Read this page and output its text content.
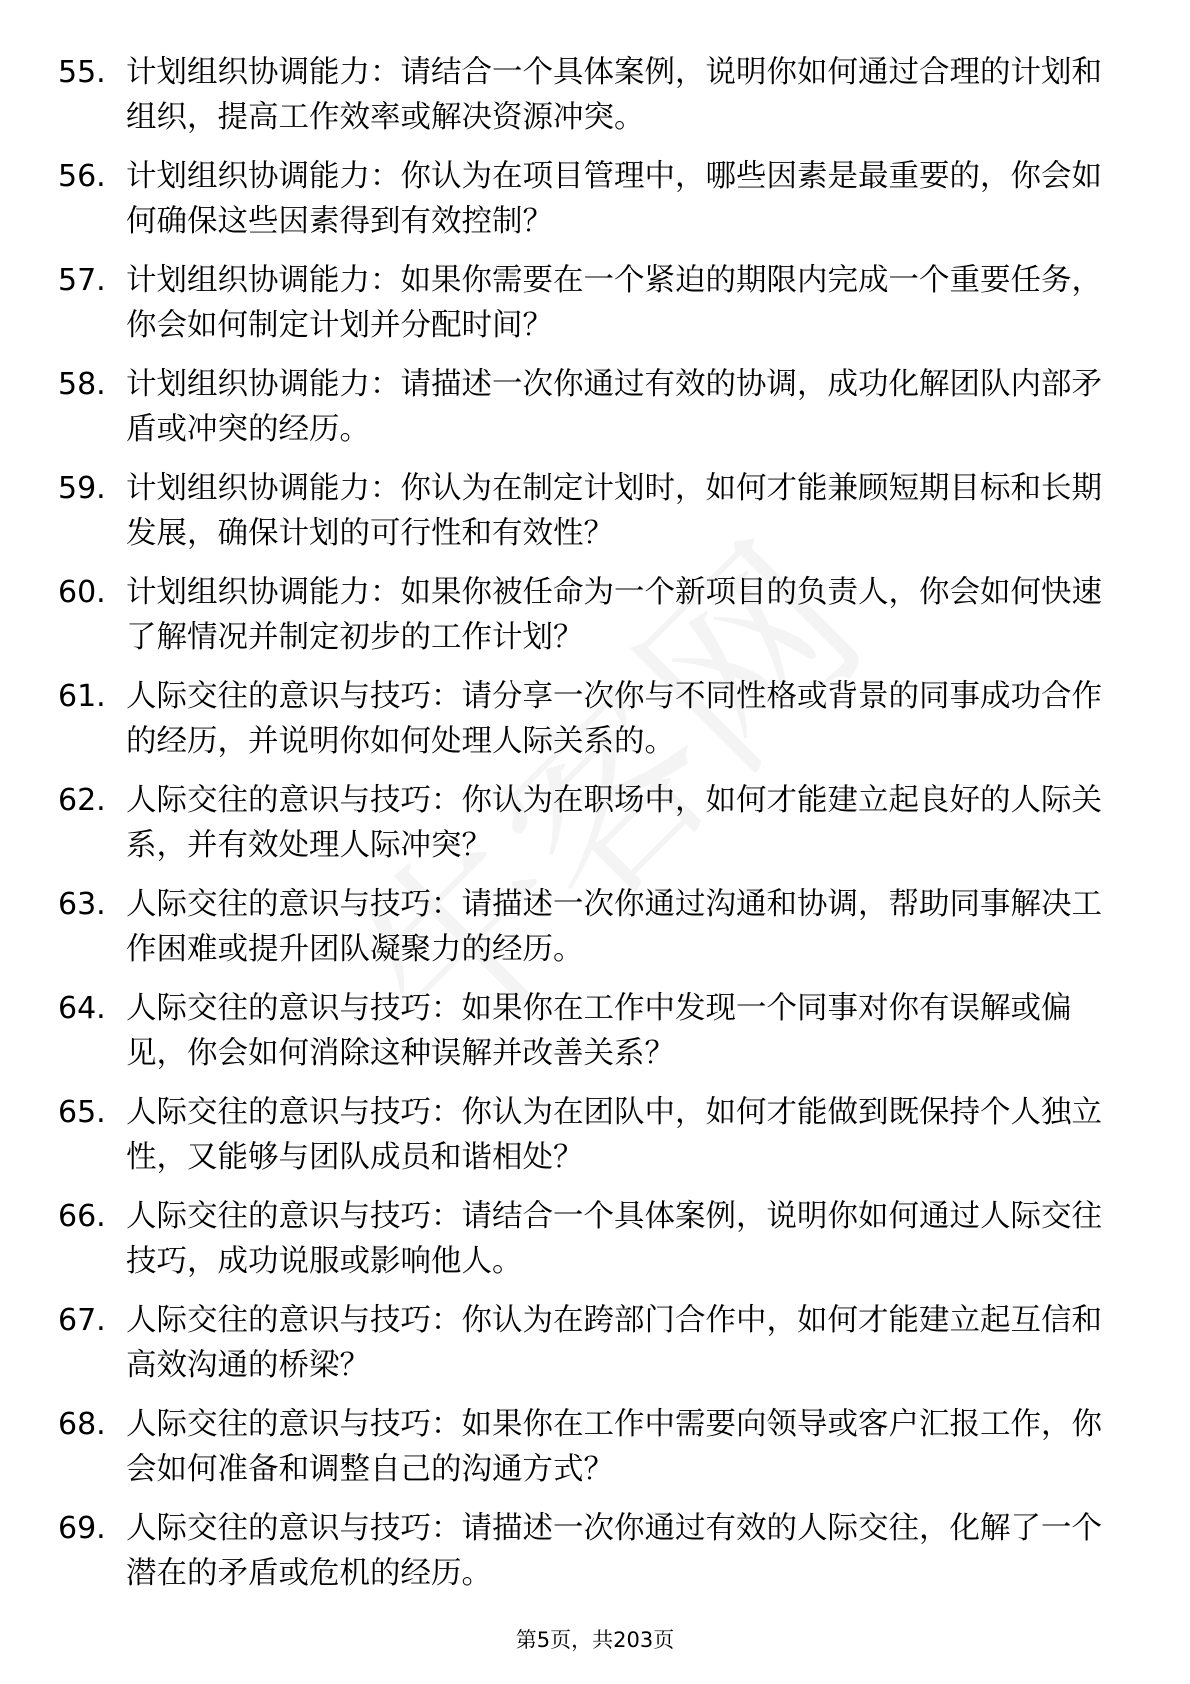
55. 计划组织协调能力：请结合一个具体案例，说明你如何通过合理的计划和组织，提高工作效率或解决资源冲突。
56. 计划组织协调能力：你认为在项目管理中，哪些因素是最重要的，你会如何确保这些因素得到有效控制？
57. 计划组织协调能力：如果你需要在一个紧迫的期限内完成一个重要任务，你会如何制定计划并分配时间？
58. 计划组织协调能力：请描述一次你通过有效的协调，成功化解团队内部矛盾或冲突的经历。
59. 计划组织协调能力：你认为在制定计划时，如何才能兼顾短期目标和长期发展，确保计划的可行性和有效性？
60. 计划组织协调能力：如果你被任命为一个新项目的负责人，你会如何快速了解情况并制定初步的工作计划？
61. 人际交往的意识与技巧：请分享一次你与不同性格或背景的同事成功合作的经历，并说明你如何处理人际关系的。
62. 人际交往的意识与技巧：你认为在职场中，如何才能建立起良好的人际关系，并有效处理人际冲突？
63. 人际交往的意识与技巧：请描述一次你通过沟通和协调，帮助同事解决工作困难或提升团队凝聚力的经历。
64. 人际交往的意识与技巧：如果你在工作中发现一个同事对你有误解或偏见，你会如何消除这种误解并改善关系？
65. 人际交往的意识与技巧：你认为在团队中，如何才能做到既保持个人独立性，又能够与团队成员和谐相处？
66. 人际交往的意识与技巧：请结合一个具体案例，说明你如何通过人际交往技巧，成功说服或影响他人。
67. 人际交往的意识与技巧：你认为在跨部门合作中，如何才能建立起互信和高效沟通的桥梁？
68. 人际交往的意识与技巧：如果你在工作中需要向领导或客户汇报工作，你会如何准备和调整自己的沟通方式？
69. 人际交往的意识与技巧：请描述一次你通过有效的人际交往，化解了一个潜在的矛盾或危机的经历。
第5页，共203页
